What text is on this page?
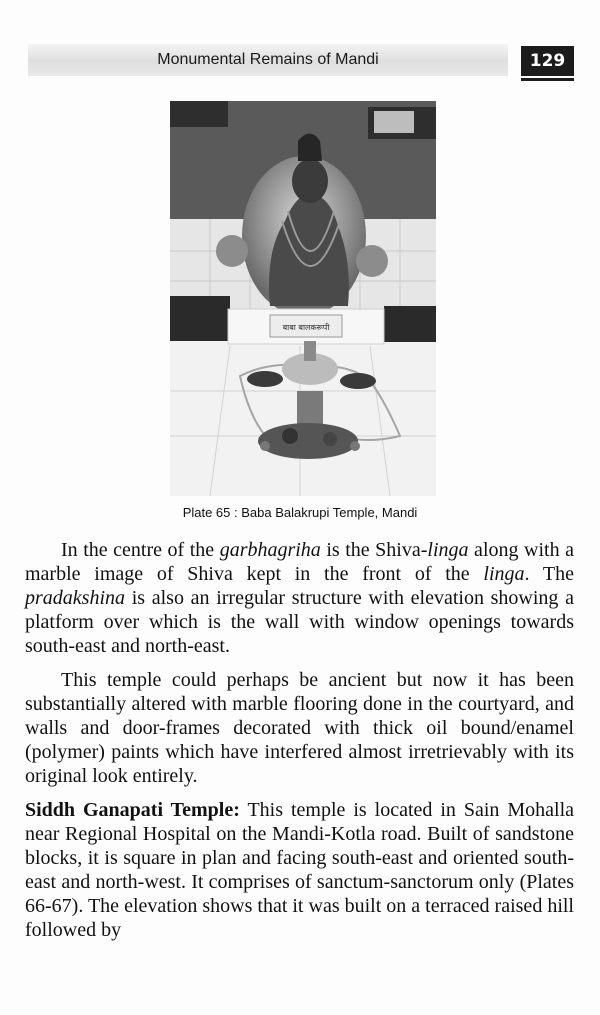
Monumental Remains of Mandi	129
बाबा बालकरूपी
Plate 65 : Baba Balakrupi Temple, Mandi

In the centre of the garbhagriha is the Shiva-linga along with a marble image of Shiva kept in the front of the linga. The pradakshina is also an irregular structure with elevation showing a platform over which is the wall with window openings towards south-east and north-east.

This temple could perhaps be ancient but now it has been substantially altered with marble flooring done in the courtyard, and walls and door-frames decorated with thick oil bound/enamel (polymer) paints which have interfered almost irretrievably with its original look entirely.

Siddh Ganapati Temple: This temple is located in Sain Mohalla near Regional Hospital on the Mandi-Kotla road. Built of sandstone blocks, it is square in plan and facing south-east and oriented south-east and north-west. It comprises of sanctum-sanctorum only (Plates 66-67). The elevation shows that it was built on a terraced raised hill followed by
